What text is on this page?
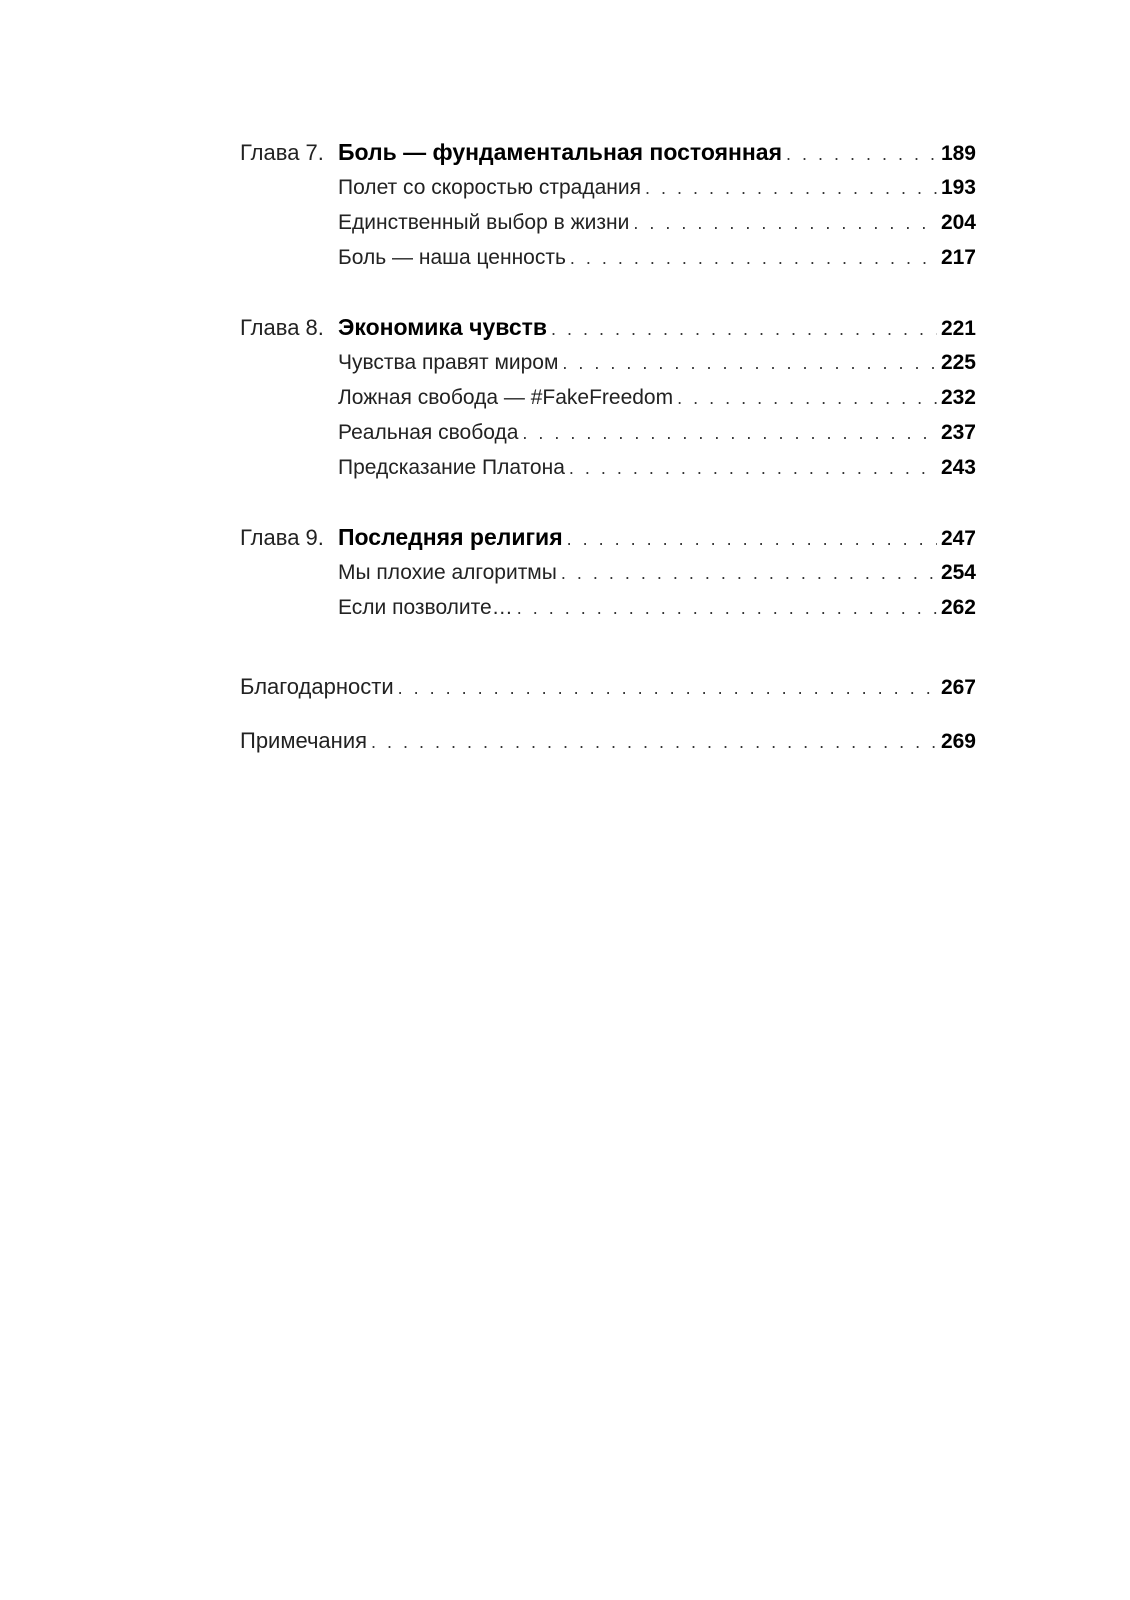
Глава 7. Боль — фундаментальная постоянная . . .	189
Полет со скоростью страдания . . .	193
Единственный выбор в жизни . . .	204
Боль — наша ценность . . .	217
Глава 8. Экономика чувств . . .	221
Чувства правят миром . . .	225
Ложная свобода — #FakeFreedom . . .	232
Реальная свобода . . .	237
Предсказание Платона . . .	243
Глава 9. Последняя религия . . .	247
Мы плохие алгоритмы . . .	254
Если позволите… . . .	262
Благодарности . . .	267
Примечания . . .	269
